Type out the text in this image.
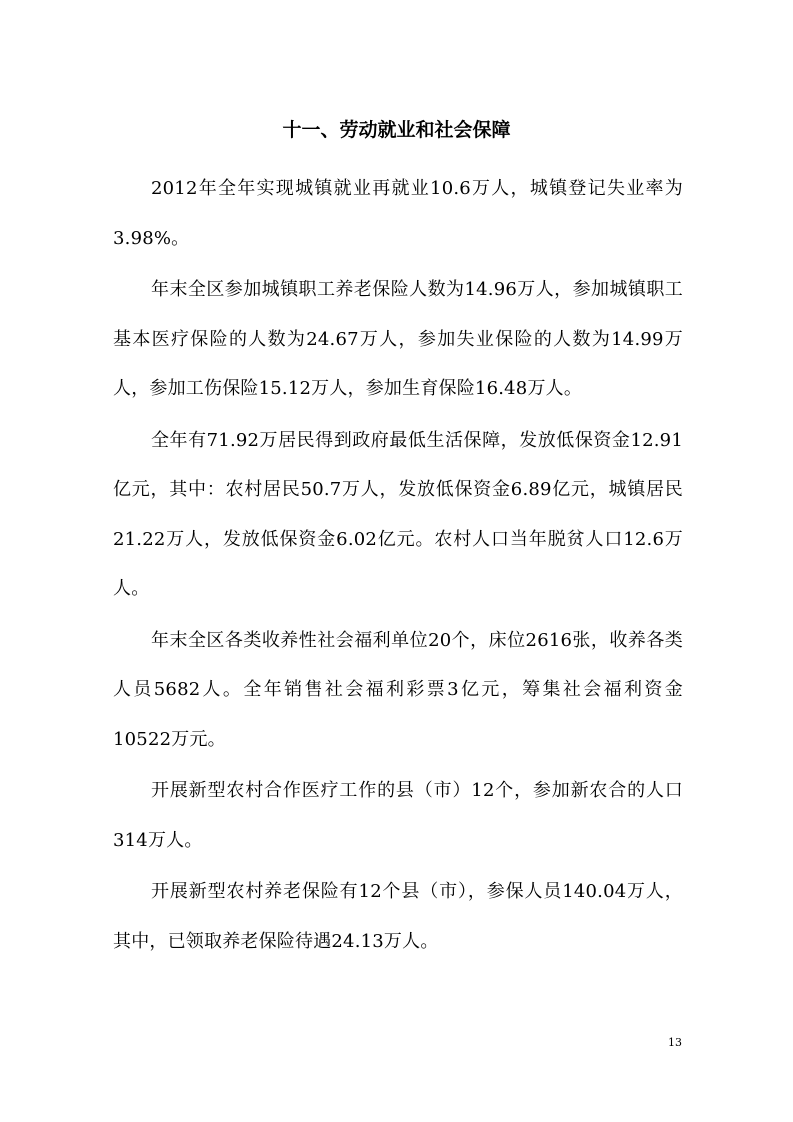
十一、劳动就业和社会保障

2012年全年实现城镇就业再就业10.6万人，城镇登记失业率为3.98%。

年末全区参加城镇职工养老保险人数为14.96万人，参加城镇职工基本医疗保险的人数为24.67万人，参加失业保险的人数为14.99万人，参加工伤保险15.12万人，参加生育保险16.48万人。

全年有71.92万居民得到政府最低生活保障，发放低保资金12.91亿元，其中：农村居民50.7万人，发放低保资金6.89亿元，城镇居民21.22万人，发放低保资金6.02亿元。农村人口当年脱贫人口12.6万人。

年末全区各类收养性社会福利单位20个，床位2616张，收养各类人员5682人。全年销售社会福利彩票3亿元，筹集社会福利资金10522万元。

开展新型农村合作医疗工作的县（市）12个，参加新农合的人口314万人。

开展新型农村养老保险有12个县（市），参保人员140.04万人，其中，已领取养老保险待遇24.13万人。

13
